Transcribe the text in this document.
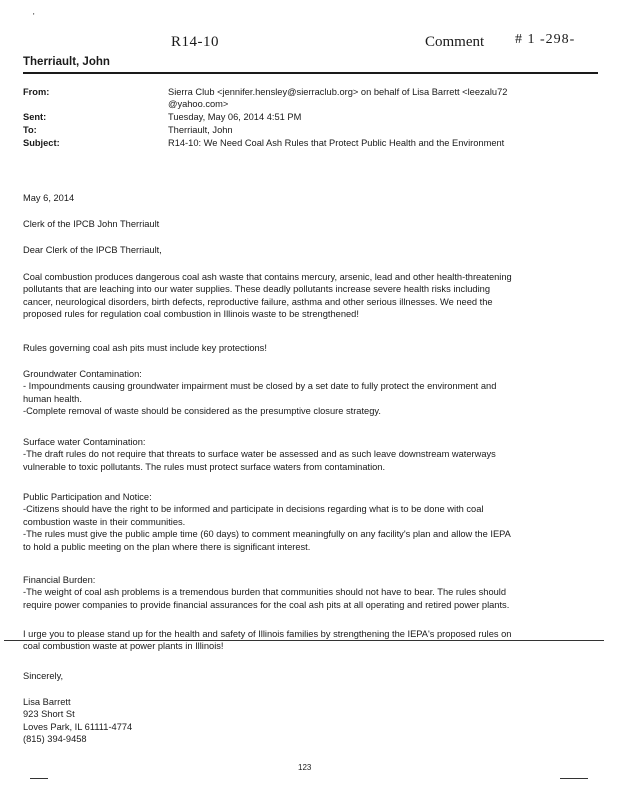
'
R14-10	Comment # 1 -298-
Therriault, John
From:	Sierra Club <jennifer.hensley@sierraclub.org> on behalf of Lisa Barrett <leezalu72
@yahoo.com>
Sent:	Tuesday, May 06, 2014 4:51 PM
To:	Therriault, John
Subject:	R14-10: We Need Coal Ash Rules that Protect Public Health and the Environment
May 6, 2014
Clerk of the IPCB John Therriault
Dear Clerk of the IPCB Therriault,

Coal combustion produces dangerous coal ash waste that contains mercury, arsenic, lead and other health-threatening

pollutants that are leaching into our water supplies. These deadly pollutants increase severe health risks including

cancer, neurological disorders, birth defects, reproductive failure, asthma and other serious illnesses. We need the

proposed rules for regulation coal combustion in Illinois waste to be strengthened!

Rules governing coal ash pits must include key protections!

Groundwater Contamination:

- Impoundments causing groundwater impairment must be closed by a set date to fully protect the environment and

human health.

-Complete removal of waste should be considered as the presumptive closure strategy.

Surface water Contamination:

-The draft rules do not require that threats to surface water be assessed and as such leave downstream waterways

vulnerable to toxic pollutants. The rules must protect surface waters from contamination.

Public Participation and Notice:

-Citizens should have the right to be informed and participate in decisions regarding what is to be done with coal

combustion waste in their communities.

-The rules must give the public ample time (60 days) to comment meaningfully on any facility's plan and allow the IEPA

to hold a public meeting on the plan where there is significant interest.

Financial Burden:

-The weight of coal ash problems is a tremendous burden that communities should not have to bear. The rules should

require power companies to provide financial assurances for the coal ash pits at all operating and retired power plants.

I urge you to please stand up for the health and safety of Illinois families by strengthening the IEPA's proposed rules on

coal combustion waste at power plants in Illinois!

Sincerely,

Lisa Barrett

923 Short St

Loves Park, IL 61111-4774

(815) 394-9458

123
